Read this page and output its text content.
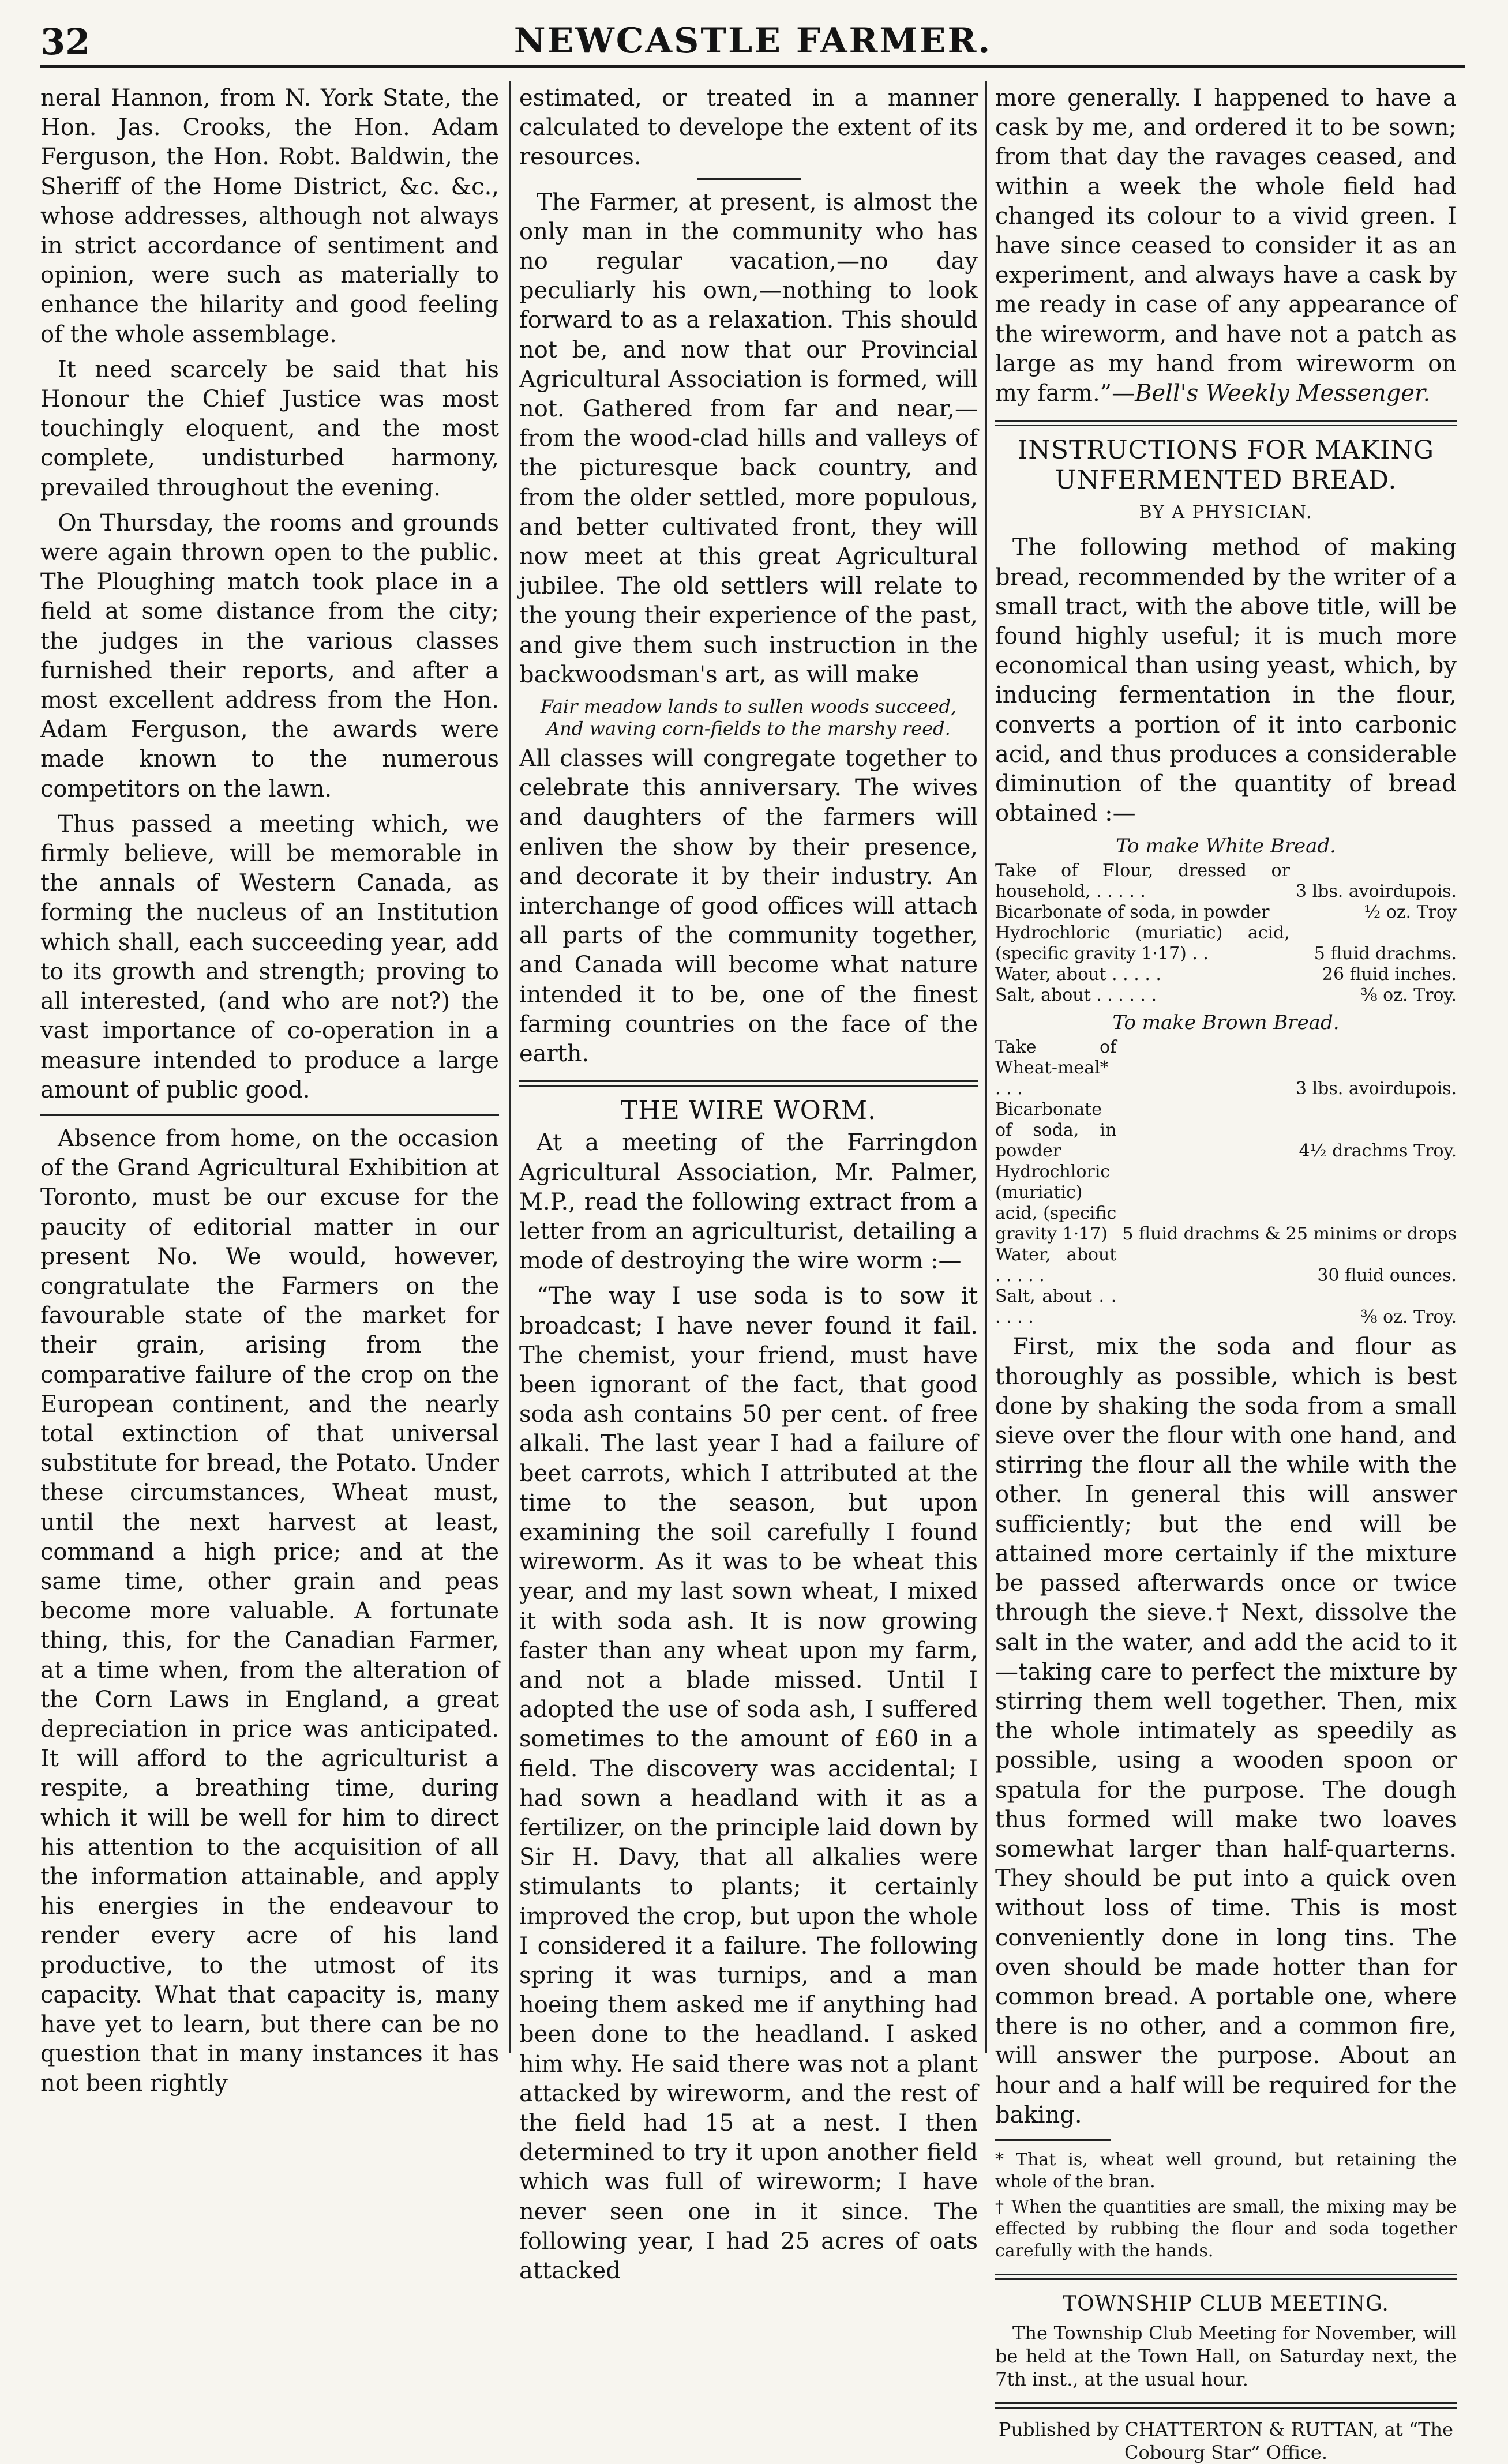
32	NEWCASTLE FARMER.

neral Hannon, from N. York State, the Hon. Jas. Crooks, the Hon. Adam Ferguson, the Hon. Robt. Baldwin, the Sheriff of the Home District, &c. &c., whose addresses, although not always in strict accordance of sentiment and opinion, were such as materially to enhance the hilarity and good feeling of the whole assemblage.

It need scarcely be said that his Honour the Chief Justice was most touchingly eloquent, and the most complete, undisturbed harmony, prevailed throughout the evening.

On Thursday, the rooms and grounds were again thrown open to the public. The Ploughing match took place in a field at some distance from the city; the judges in the various classes furnished their reports, and after a most excellent address from the Hon. Adam Ferguson, the awards were made known to the numerous competitors on the lawn.

Thus passed a meeting which, we firmly believe, will be memorable in the annals of Western Canada, as forming the nucleus of an Institution which shall, each succeeding year, add to its growth and strength; proving to all interested, (and who are not?) the vast importance of co-operation in a measure intended to produce a large amount of public good.

Absence from home, on the occasion of the Grand Agricultural Exhibition at Toronto, must be our excuse for the paucity of editorial matter in our present No. We would, however, congratulate the Farmers on the favourable state of the market for their grain, arising from the comparative failure of the crop on the European continent, and the nearly total extinction of that universal substitute for bread, the Potato. Under these circumstances, Wheat must, until the next harvest at least, command a high price; and at the same time, other grain and peas become more valuable. A fortunate thing, this, for the Canadian Farmer, at a time when, from the alteration of the Corn Laws in England, a great depreciation in price was anticipated. It will afford to the agriculturist a respite, a breathing time, during which it will be well for him to direct his attention to the acquisition of all the information attainable, and apply his energies in the endeavour to render every acre of his land productive, to the utmost of its capacity. What that capacity is, many have yet to learn, but there can be no question that in many instances it has not been rightly

estimated, or treated in a manner calculated to develope the extent of its resources.

The Farmer, at present, is almost the only man in the community who has no regular vacation,—no day peculiarly his own,—nothing to look forward to as a relaxation. This should not be, and now that our Provincial Agricultural Association is formed, will not. Gathered from far and near,—from the wood-clad hills and valleys of the picturesque back country, and from the older settled, more populous, and better cultivated front, they will now meet at this great Agricultural jubilee. The old settlers will relate to the young their experience of the past, and give them such instruction in the backwoodsman's art, as will make

Fair meadow lands to sullen woods succeed,
And waving corn-fields to the marshy reed.

All classes will congregate together to celebrate this anniversary. The wives and daughters of the farmers will enliven the show by their presence, and decorate it by their industry. An interchange of good offices will attach all parts of the community together, and Canada will become what nature intended it to be, one of the finest farming countries on the face of the earth.

THE WIRE WORM.

At a meeting of the Farringdon Agricultural Association, Mr. Palmer, M.P., read the following extract from a letter from an agriculturist, detailing a mode of destroying the wire worm :—

“The way I use soda is to sow it broadcast; I have never found it fail. The chemist, your friend, must have been ignorant of the fact, that good soda ash contains 50 per cent. of free alkali. The last year I had a failure of beet carrots, which I attributed at the time to the season, but upon examining the soil carefully I found wireworm. As it was to be wheat this year, and my last sown wheat, I mixed it with soda ash. It is now growing faster than any wheat upon my farm, and not a blade missed. Until I adopted the use of soda ash, I suffered sometimes to the amount of £60 in a field. The discovery was accidental; I had sown a headland with it as a fertilizer, on the principle laid down by Sir H. Davy, that all alkalies were stimulants to plants; it certainly improved the crop, but upon the whole I considered it a failure. The following spring it was turnips, and a man hoeing them asked me if anything had been done to the headland. I asked him why. He said there was not a plant attacked by wireworm, and the rest of the field had 15 at a nest. I then determined to try it upon another field which was full of wireworm; I have never seen one in it since. The following year, I had 25 acres of oats attacked

more generally. I happened to have a cask by me, and ordered it to be sown; from that day the ravages ceased, and within a week the whole field had changed its colour to a vivid green. I have since ceased to consider it as an experiment, and always have a cask by me ready in case of any appearance of the wireworm, and have not a patch as large as my hand from wireworm on my farm.”—Bell's Weekly Messenger.

INSTRUCTIONS FOR MAKING UNFERMENTED BREAD.
BY A PHYSICIAN.

The following method of making bread, recommended by the writer of a small tract, with the above title, will be found highly useful; it is much more economical than using yeast, which, by inducing fermentation in the flour, converts a portion of it into carbonic acid, and thus produces a considerable diminution of the quantity of bread obtained :—

To make White Bread.
Take of Flour, dressed or household, . . . . .	3 lbs. avoirdupois.
Bicarbonate of soda, in powder	½ oz. Troy
Hydrochloric (muriatic) acid, (specific gravity 1·17) . .	5 fluid drachms.
Water, about . . . . .	26 fluid inches.
Salt, about . . . . . .	⅜ oz. Troy.
To make Brown Bread.
Take of Wheat-meal* . . .	3 lbs. avoirdupois.
Bicarbonate of soda, in powder	4½ drachms Troy.
Hydrochloric (muriatic) acid, (specific gravity 1·17)	5 fluid drachms & 25 minims or drops
Water, about . . . . .	30 fluid ounces.
Salt, about . . . . . .	⅜ oz. Troy.

First, mix the soda and flour as thoroughly as possible, which is best done by shaking the soda from a small sieve over the flour with one hand, and stirring the flour all the while with the other. In general this will answer sufficiently; but the end will be attained more certainly if the mixture be passed afterwards once or twice through the sieve.† Next, dissolve the salt in the water, and add the acid to it—taking care to perfect the mixture by stirring them well together. Then, mix the whole intimately as speedily as possible, using a wooden spoon or spatula for the purpose. The dough thus formed will make two loaves somewhat larger than half-quarterns. They should be put into a quick oven without loss of time. This is most conveniently done in long tins. The oven should be made hotter than for common bread. A portable one, where there is no other, and a common fire, will answer the purpose. About an hour and a half will be required for the baking.

* That is, wheat well ground, but retaining the whole of the bran.
† When the quantities are small, the mixing may be effected by rubbing the flour and soda together carefully with the hands.
TOWNSHIP CLUB MEETING.

The Township Club Meeting for November, will be held at the Town Hall, on Saturday next, the 7th inst., at the usual hour.

Published by CHATTERTON & RUTTAN, at “The Cobourg Star” Office.
